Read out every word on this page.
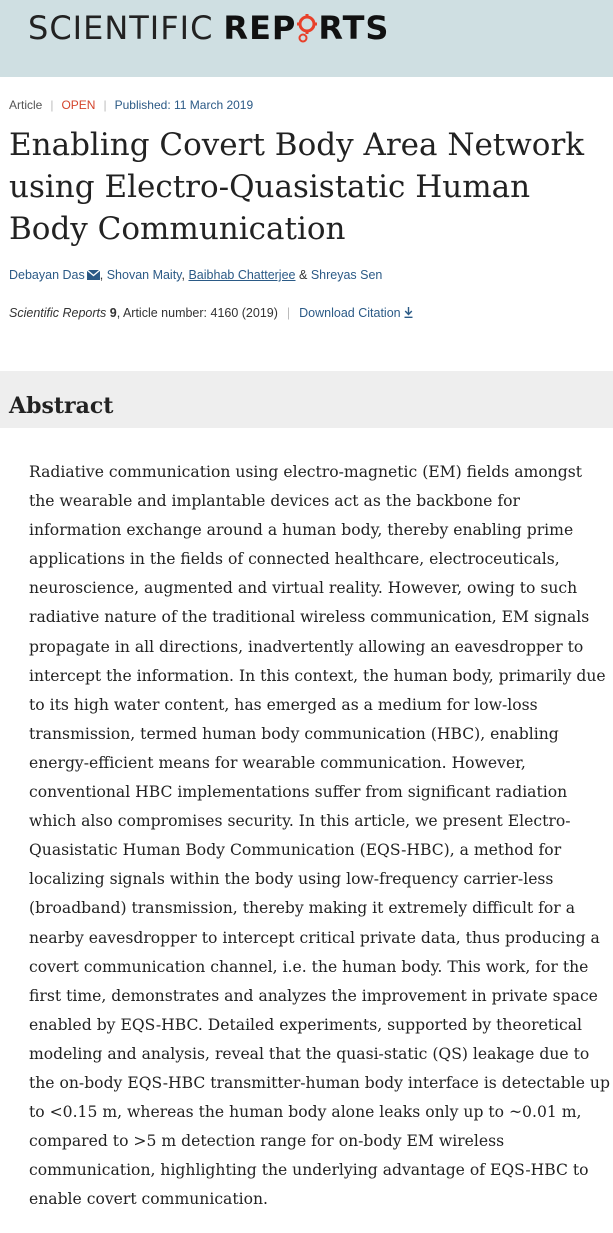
SCIENTIFIC REP RTS
Article | OPEN | Published: 11 March 2019
Enabling Covert Body Area Network using Electro-Quasistatic Human Body Communication
Debayan Das , Shovan Maity, Baibhab Chatterjee & Shreyas Sen
Scientific Reports 9, Article number: 4160 (2019) | Download Citation
Abstract

Radiative communication using electro-magnetic (EM) fields amongst the wearable and implantable devices act as the backbone for information exchange around a human body, thereby enabling prime applications in the fields of connected healthcare, electroceuticals, neuroscience, augmented and virtual reality. However, owing to such radiative nature of the traditional wireless communication, EM signals propagate in all directions, inadvertently allowing an eavesdropper to intercept the information. In this context, the human body, primarily due to its high water content, has emerged as a medium for low-loss transmission, termed human body communication (HBC), enabling energy-efficient means for wearable communication. However, conventional HBC implementations suffer from significant radiation which also compromises security. In this article, we present Electro-Quasistatic Human Body Communication (EQS-HBC), a method for localizing signals within the body using low-frequency carrier-less (broadband) transmission, thereby making it extremely difficult for a nearby eavesdropper to intercept critical private data, thus producing a covert communication channel, i.e. the human body. This work, for the first time, demonstrates and analyzes the improvement in private space enabled by EQS-HBC. Detailed experiments, supported by theoretical modeling and analysis, reveal that the quasi-static (QS) leakage due to the on-body EQS-HBC transmitter-human body interface is detectable up to <0.15 m, whereas the human body alone leaks only up to ~0.01 m, compared to >5 m detection range for on-body EM wireless communication, highlighting the underlying advantage of EQS-HBC to enable covert communication.
